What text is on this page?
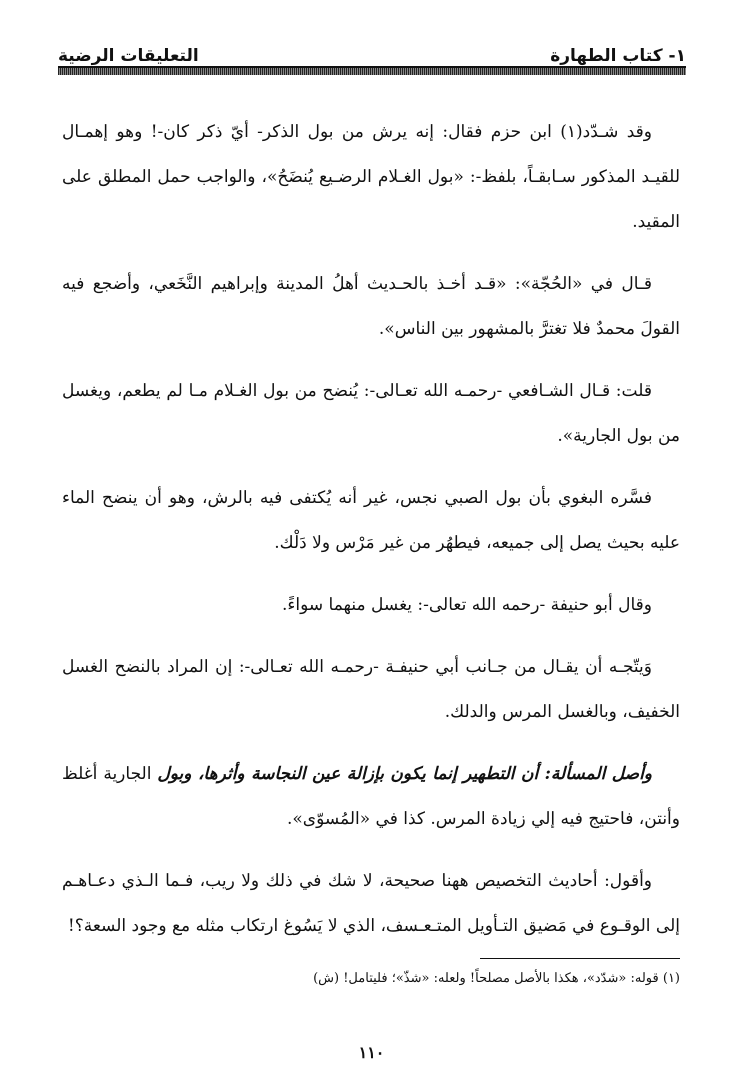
١- كتاب الطهارة
التعليقات الرضية

وقد شـدّد(١) ابن حزم فقال: إنه يرش من بول الذكر- أيّ ذكر كان-! وهو إهمـال للقيـد المذكور سـابقـاً، بلفظ-: «بول الغـلام الرضـيع يُنضَحُ»، والواجب حمل المطلق على المقيد.

قـال في «الحُجّة»: «قـد أخـذ بالحـديث أهلُ المدينة وإبراهيم النَّخَعي، وأضجع فيه القولَ محمدٌ فلا تغترَّ بالمشهور بين الناس».

قلت: قـال الشـافعي -رحمـه الله تعـالى-: يُنضح من بول الغـلام مـا لم يطعم، ويغسل من بول الجارية».

فسَّره البغوي بأن بول الصبي نجس، غير أنه يُكتفى فيه بالرش، وهو أن ينضح الماء عليه بحيث يصل إلى جميعه، فيطهُر من غير مَرْس ولا دَلْك.

وقال أبو حنيفة -رحمه الله تعالى-: يغسل منهما سواءً.

وَيتّجـه أن يقـال من جـانب أبي حنيفـة -رحمـه الله تعـالى-: إن المراد بالنضح الغسل الخفيف، وبالغسل المرس والدلك.

وأصل المسألة: أن التطهير إنما يكون بإزالة عين النجاسة وأثرها، وبول الجارية أغلظ وأنتن، فاحتيج فيه إلي زيادة المرس. كذا في «المُسوّى».

وأقول: أحاديث التخصيص ههنا صحيحة، لا شك في ذلك ولا ريب، فـما الـذي دعـاهـم إلى الوقـوع في مَضيق التـأويل المتـعـسف، الذي لا يَسُوغ ارتكاب مثله مع وجود السعة؟!

(١) قوله: «شدّد»، هكذا بالأصل مصلحاً! ولعله: «شذّ»؛ فليتامل! (ش)
١١٠
